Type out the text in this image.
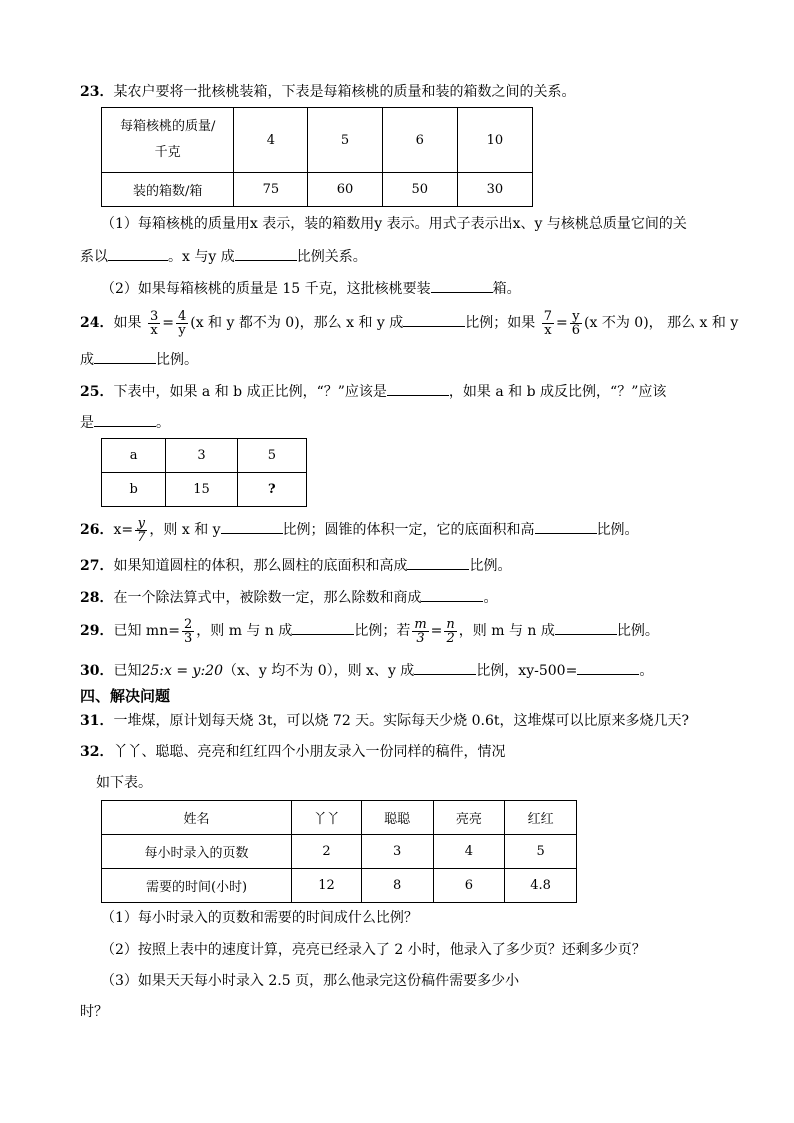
23．某农户要将一批核桃装箱，下表是每箱核桃的质量和装的箱数之间的关系。
每箱核桃的质量/
千克	4	5	6	10
装的箱数/箱	75	60	50	30
（1）每箱核桃的质量用x 表示，装的箱数用y 表示。用式子表示出x、y 与核桃总质量它间的关
系以	。x 与y 成	比例关系。
（2）如果每箱核桃的质量是 15 千克，这批核桃要装	箱。
24．如果 $\frac{3}{x} = \frac{4}{y} (x$ 和 y 都不为 0)，那么 x 和 y 成	比例；如果 $\frac{7}{x} = \frac{y}{6} (x$ 不为 0)， 那么 x 和 y
成	比例。
25．下表中，如果 a 和 b 成正比例，“？”应该是	，如果 a 和 b 成反比例，“？”应该
是	。
a	3	5
b	15	?
26．$x= \frac{y}{7}$ ，则 x 和 y	比例；圆锥的体积一定，它的底面积和高	比例。
27．如果知道圆柱的体积，那么圆柱的底面积和高成	比例。
28．在一个除法算式中，被除数一定，那么除数和商成	。
29．已知 $mn= \frac{2}{3}$ ，则 m 与 n 成	比例；若 $\frac{m}{3} = \frac{n}{2}$ ，则 m 与 n 成	比例。
30．已知25:x = y:20（x、y 均不为 0），则 x、y 成	比例，xy-500=	。
四、解决问题
31．一堆煤，原计划每天烧 3t，可以烧 72 天。实际每天少烧 0.6t，这堆煤可以比原来多烧几天?
32．丫丫、聪聪、亮亮和红红四个小朋友录入一份同样的稿件，情况
如下表。
姓名	丫丫	聪聪	亮亮	红红
每小时录入的页数	2	3	4	5
需要的时间(小时)	12	8	6	4.8
（1）每小时录入的页数和需要的时间成什么比例？
（2）按照上表中的速度计算，亮亮已经录入了 2 小时，他录入了多少页？还剩多少页？
（3）如果天天每小时录入 2.5 页，那么他录完这份稿件需要多少小
时？
